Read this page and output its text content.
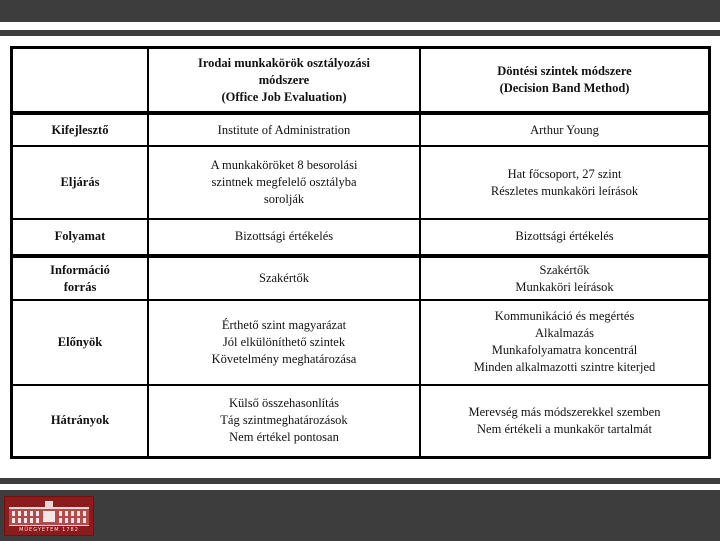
	Irodai munkakörök osztályozási
módszere
(Office Job Evaluation)	Döntési szintek módszere
(Decision Band Method)

Kifejlesztő	Institute of Administration	Arthur Young

Eljárás	A munkaköröket 8 besorolási
szintnek megfelelő osztályba
sorolják	Hat főcsoport, 27 szint
Részletes munkaköri leírások

Folyamat	Bizottsági értékelés	Bizottsági értékelés

Információ
forrás	Szakértők	Szakértők
Munkaköri leírások

Előnyök	Érthető szint magyarázat
Jól elkülöníthető szintek
Követelmény meghatározása	Kommunikáció és megértés
Alkalmazás
Munkafolyamatra koncentrál
Minden alkalmazotti szintre kiterjed

Hátrányok	Külső összehasonlítás
Tág szintmeghatározások
Nem értékel pontosan	Merevség más módszerekkel szemben
Nem értékeli a munkakör tartalmát
MŰEGYETEM 1782
